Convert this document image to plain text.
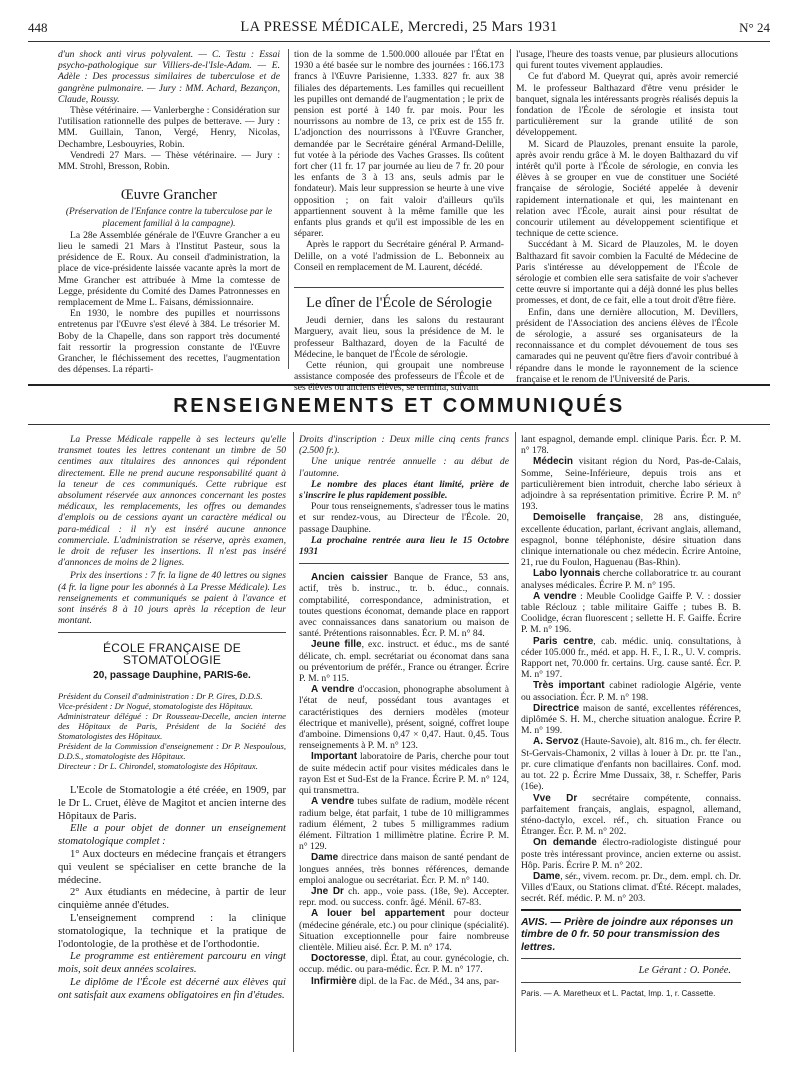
448	LA PRESSE MÉDICALE, Mercredi, 25 Mars 1931	N° 24

d'un shock anti virus polyvalent. — C. Testu : Essai psycho-pathologique sur Villiers-de-l'Isle-Adam. — E. Adèle : Des processus similaires de tuberculose et de gangrène pulmonaire. — Jury : MM. Achard, Bezançon, Claude, Roussy.

Thèse vétérinaire. — Vanlerberghe : Considération sur l'utilisation rationnelle des pulpes de betterave. — Jury : MM. Guillain, Tanon, Vergé, Henry, Nicolas, Dechambre, Lesbouyries, Robin.

Vendredi 27 Mars. — Thèse vétérinaire. — Jury : MM. Strohl, Bresson, Robin.

Œuvre Grancher

(Préservation de l'Enfance contre la tuberculose par le placement familial à la campagne).

La 28e Assemblée générale de l'Œuvre Grancher a eu lieu le samedi 21 Mars à l'Institut Pasteur, sous la présidence de E. Roux. Au conseil d'administration, la place de vice-présidente laissée vacante après la mort de Mme Grancher est attribuée à Mme la comtesse de Legge, présidente du Comité des Dames Patronnesses en remplacement de Mme L. Faisans, démissionnaire.

En 1930, le nombre des pupilles et nourrissons entretenus par l'Œuvre s'est élevé à 384. Le trésorier M. Boby de la Chapelle, dans son rapport très documenté fait ressortir la progression constante de l'Œuvre Grancher, le fléchissement des recettes, l'augmentation des dépenses. La réparti-

tion de la somme de 1.500.000 allouée par l'État en 1930 a été basée sur le nombre des journées : 166.173 francs à l'Œuvre Parisienne, 1.333. 827 fr. aux 38 filiales des départements. Les familles qui recueillent les pupilles ont demandé de l'augmentation ; le prix de pension est porté à 140 fr. par mois. Pour les nourrissons au nombre de 13, ce prix est de 155 fr. L'adjonction des nourrissons à l'Œuvre Grancher, demandée par le Secrétaire général Armand-Delille, fut votée à la période des Vaches Grasses. Ils coûtent fort cher (11 fr. 17 par journée au lieu de 7 fr. 20 pour les enfants de 3 à 13 ans, seuls admis par le fondateur). Mais leur suppression se heurte à une vive opposition ; on fait valoir d'ailleurs qu'ils appartiennent souvent à la même famille que les enfants plus grands et qu'il est impossible de les en séparer.

Après le rapport du Secrétaire général P. Armand-Delille, on a voté l'admission de L. Bebonneix au Conseil en remplacement de M. Laurent, décédé.

Le dîner de l'École de Sérologie

Jeudi dernier, dans les salons du restaurant Marguery, avait lieu, sous la présidence de M. le professeur Balthazard, doyen de la Faculté de Médecine, le banquet de l'École de sérologie.

Cette réunion, qui groupait une nombreuse assistance composée des professeurs de l'École et de ses élèves ou anciens élèves, se termina, suivant

l'usage, l'heure des toasts venue, par plusieurs allocutions qui furent toutes vivement applaudies.

Ce fut d'abord M. Queyrat qui, après avoir remercié M. le professeur Balthazard d'être venu présider le banquet, signala les intéressants progrès réalisés depuis la fondation de l'École de sérologie et insista tout particulièrement sur la grande utilité de son développement.

M. Sicard de Plauzoles, prenant ensuite la parole, après avoir rendu grâce à M. le doyen Balthazard du vif intérêt qu'il porte à l'École de sérologie, en convia les élèves à se grouper en vue de constituer une Société française de sérologie, Société appelée à devenir rapidement internationale et qui, les maintenant en relation avec l'École, aurait ainsi pour résultat de concourir utilement au développement scientifique et technique de cette science.

Succédant à M. Sicard de Plauzoles, M. le doyen Balthazard fit savoir combien la Faculté de Médecine de Paris s'intéresse au développement de l'École de sérologie et combien elle sera satisfaite de voir s'achever cette œuvre si importante qui a déjà donné les plus belles promesses, et dont, de ce fait, elle a tout droit d'être fière.

Enfin, dans une dernière allocution, M. Devillers, président de l'Association des anciens élèves de l'École de sérologie, a assuré ses organisateurs de la reconnaissance et du complet dévouement de tous ses camarades qui ne peuvent qu'être fiers d'avoir contribué à répandre dans le monde le rayonnement de la science française et le renom de l'Université de Paris.

RENSEIGNEMENTS ET COMMUNIQUÉS

La Presse Médicale rappelle à ses lecteurs qu'elle transmet toutes les lettres contenant un timbre de 50 centimes aux titulaires des annonces qui répondent directement. Elle ne prend aucune responsabilité quant à la teneur de ces communiqués. Cette rubrique est absolument réservée aux annonces concernant les postes médicaux, les remplacements, les offres ou demandes d'emplois ou de cessions ayant un caractère médical ou para-médical : il n'y est inséré aucune annonce commerciale. L'administration se réserve, après examen, le droit de refuser les insertions. Il n'est pas inséré d'annonces de moins de 2 lignes.

Prix des insertions : 7 fr. la ligne de 40 lettres ou signes (4 fr. la ligne pour les abonnés à La Presse Médicale). Les renseignements et communiqués se paient à l'avance et sont insérés 8 à 10 jours après la réception de leur montant.

ÉCOLE FRANÇAISE DE STOMATOLOGIE
20, passage Dauphine, PARIS-6e.

Président du Conseil d'administration : Dr P. Gires, D.D.S.

Vice-président : Dr Nogué, stomatologiste des Hôpitaux.

Administrateur délégué : Dr Rousseau-Decelle, ancien interne des Hôpitaux de Paris, Président de la Société des Stomatologistes des Hôpitaux.

Président de la Commission d'enseignement : Dr P. Nespoulous, D.D.S., stomatologiste des Hôpitaux.

Directeur : Dr L. Chirondel, stomatologiste des Hôpitaux.

L'Ecole de Stomatologie a été créée, en 1909, par le Dr L. Cruet, élève de Magitot et ancien interne des Hôpitaux de Paris.

Elle a pour objet de donner un enseignement stomatologique complet :

1° Aux docteurs en médecine français et étrangers qui veulent se spécialiser en cette branche de la médecine.

2° Aux étudiants en médecine, à partir de leur cinquième année d'études.

L'enseignement comprend : la clinique stomatologique, la technique et la pratique de l'odontologie, de la prothèse et de l'orthodontie.

Le programme est entièrement parcouru en vingt mois, soit deux années scolaires.

Le diplôme de l'École est décerné aux élèves qui ont satisfait aux examens obligatoires en fin d'études.

Droits d'inscription : Deux mille cinq cents francs (2.500 fr.).

Une unique rentrée annuelle : au début de l'automne.

Le nombre des places étant limité, prière de s'inscrire le plus rapidement possible.

Pour tous renseignements, s'adresser tous le matins et sur rendez-vous, au Directeur de l'École. 20, passage Dauphine.

La prochaine rentrée aura lieu le 15 Octobre 1931

Ancien caissier Banque de France, 53 ans, actif, très b. instruc., tr. b. éduc., connais. comptabilité, correspondance, administration, et toutes questions économat, demande place en rapport avec connaissances dans sanatorium ou maison de santé. Prétentions raisonnables. Écr. P. M. n° 84.

Jeune fille, exc. instruct. et éduc., ms de santé délicate, ch. empl. secrétariat ou économat dans sana ou préventorium de préfér., France ou étranger. Écrire P. M. n° 115.

A vendre d'occasion, phonographe absolument à l'état de neuf, possédant tous avantages et caractéristiques des derniers modèles (moteur électrique et manivelle), présent, soigné, coffret loupe d'amboine. Dimensions 0,47 × 0,47. Haut. 0,45. Tous renseignements à P. M. n° 123.

Important laboratoire de Paris, cherche pour tout de suite médecin actif pour visites médicales dans le rayon Est et Sud-Est de la France. Écrire P. M. n° 124, qui transmettra.

A vendre tubes sulfate de radium, modèle récent radium belge, état parfait, 1 tube de 10 milligrammes radium élément, 2 tubes 5 milligrammes radium élément. Filtration 1 millimètre platine. Écrire P. M. n° 129.

Dame directrice dans maison de santé pendant de longues années, très bonnes références, demande emploi analogue ou secrétariat. Écr. P. M. n° 140.

Jne Dr ch. app., voie pass. (18e, 9e). Accepter. repr. mod. ou success. confr. âgé. Ménil. 67-83.

A louer bel appartement pour docteur (médecine générale, etc.) ou pour clinique (spécialité). Situation exceptionnelle pour faire nombreuse clientèle. Milieu aisé. Écr. P. M. n° 174.

Doctoresse, dipl. État, au cour. gynécologie, ch. occup. médic. ou para-médic. Écr. P. M. n° 177.

Infirmière dipl. de la Fac. de Méd., 34 ans, par-

lant espagnol, demande empl. clinique Paris. Écr. P. M. n° 178.

Médecin visitant région du Nord, Pas-de-Calais, Somme, Seine-Inférieure, depuis trois ans et particulièrement bien introduit, cherche labo sérieux à adjoindre à sa représentation primitive. Écrire P. M. n° 193.

Demoiselle française, 28 ans, distinguée, excellente éducation, parlant, écrivant anglais, allemand, espagnol, bonne téléphoniste, désire situation dans clinique internationale ou chez médecin. Écrire Antoine, 21, rue du Foulon, Haguenau (Bas-Rhin).

Labo lyonnais cherche collaboratrice tr. au courant analyses médicales. Écrire P. M. n° 195.

A vendre : Meuble Coolidge Gaiffe P. V. : dossier table Réclouz ; table militaire Gaiffe ; tubes B. B. Coolidge, écran fluorescent ; sellette H. F. Gaiffe. Écrire P. M. n° 196.

Paris centre, cab. médic. uniq. consultations, à céder 105.000 fr., méd. et app. H. F., I. R., U. V. compris. Rapport net, 70.000 fr. certains. Urg. cause santé. Écr. P. M. n° 197.

Très important cabinet radiologie Algérie, vente ou association. Écr. P. M. n° 198.

Directrice maison de santé, excellentes références, diplômée S. H. M., cherche situation analogue. Écrire P. M. n° 199.

A. Servoz (Haute-Savoie), alt. 816 m., ch. fer électr. St-Gervais-Chamonix, 2 villas à louer à Dr. pr. tte l'an., pr. cure climatique d'enfants non bacillaires. Conf. mod. au tot. 22 p. Écrire Mme Dussaix, 38, r. Scheffer, Paris (16e).

Vve Dr secrétaire compétente, connaiss. parfaitement français, anglais, espagnol, allemand, sténo-dactylo, excel. réf., ch. situation France ou Étranger. Écr. P. M. n° 202.

On demande électro-radiologiste distingué pour poste très intéressant province, ancien externe ou assist. Hôp. Paris. Écrire P. M. n° 202.

Dame, sér., vivem. recom. pr. Dr., dem. empl. ch. Dr. Villes d'Eaux, ou Stations climat. d'Été. Récept. malades, secrét. Réf. médic. P. M. n° 203.

AVIS. — Prière de joindre aux réponses un timbre de 0 fr. 50 pour transmission des lettres.

Le Gérant : O. Ponée.

Paris. — A. Maretheux et L. Pactat, Imp. 1, r. Cassette.
